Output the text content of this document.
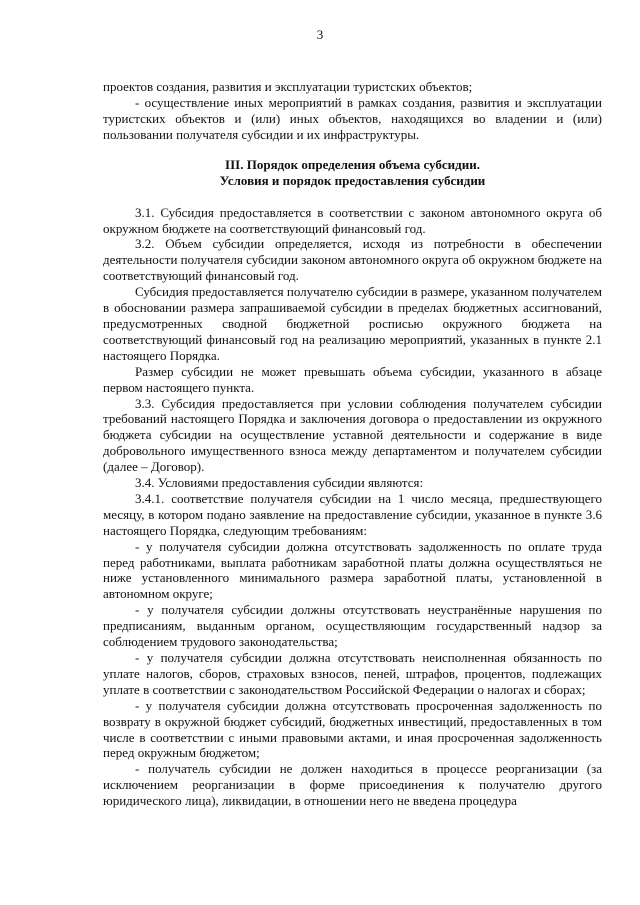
3

проектов создания, развития и эксплуатации туристских объектов;

- осуществление иных мероприятий в рамках создания, развития и эксплуатации туристских объектов и (или) иных объектов, находящихся во владении и (или) пользовании получателя субсидии и их инфраструктуры.

III. Порядок определения объема субсидии.
Условия и порядок предоставления субсидии

3.1. Субсидия предоставляется в соответствии с законом автономного округа об окружном бюджете на соответствующий финансовый год.

3.2. Объем субсидии определяется, исходя из потребности в обеспечении деятельности получателя субсидии законом автономного округа об окружном бюджете на соответствующий финансовый год.

Субсидия предоставляется получателю субсидии в размере, указанном получателем в обосновании размера запрашиваемой субсидии в пределах бюджетных ассигнований, предусмотренных сводной бюджетной росписью окружного бюджета на соответствующий финансовый год на реализацию мероприятий, указанных в пункте 2.1 настоящего Порядка.

Размер субсидии не может превышать объема субсидии, указанного в абзаце первом настоящего пункта.

3.3. Субсидия предоставляется при условии соблюдения получателем субсидии требований настоящего Порядка и заключения договора о предоставлении из окружного бюджета субсидии на осуществление уставной деятельности и содержание в виде добровольного имущественного взноса между департаментом и получателем субсидии (далее – Договор).

3.4. Условиями предоставления субсидии являются:

3.4.1. соответствие получателя субсидии на 1 число месяца, предшествующего месяцу, в котором подано заявление на предоставление субсидии, указанное в пункте 3.6 настоящего Порядка, следующим требованиям:

- у получателя субсидии должна отсутствовать задолженность по оплате труда перед работниками, выплата работникам заработной платы должна осуществляться не ниже установленного минимального размера заработной платы, установленной в автономном округе;

- у получателя субсидии должны отсутствовать неустранённые нарушения по предписаниям, выданным органом, осуществляющим государственный надзор за соблюдением трудового законодательства;

- у получателя субсидии должна отсутствовать неисполненная обязанность по уплате налогов, сборов, страховых взносов, пеней, штрафов, процентов, подлежащих уплате в соответствии с законодательством Российской Федерации о налогах и сборах;

- у получателя субсидии должна отсутствовать просроченная задолженность по возврату в окружной бюджет субсидий, бюджетных инвестиций, предоставленных в том числе в соответствии с иными правовыми актами, и иная просроченная задолженность перед окружным бюджетом;

- получатель субсидии не должен находиться в процессе реорганизации (за исключением реорганизации в форме присоединения к получателю другого юридического лица), ликвидации, в отношении него не введена процедура
